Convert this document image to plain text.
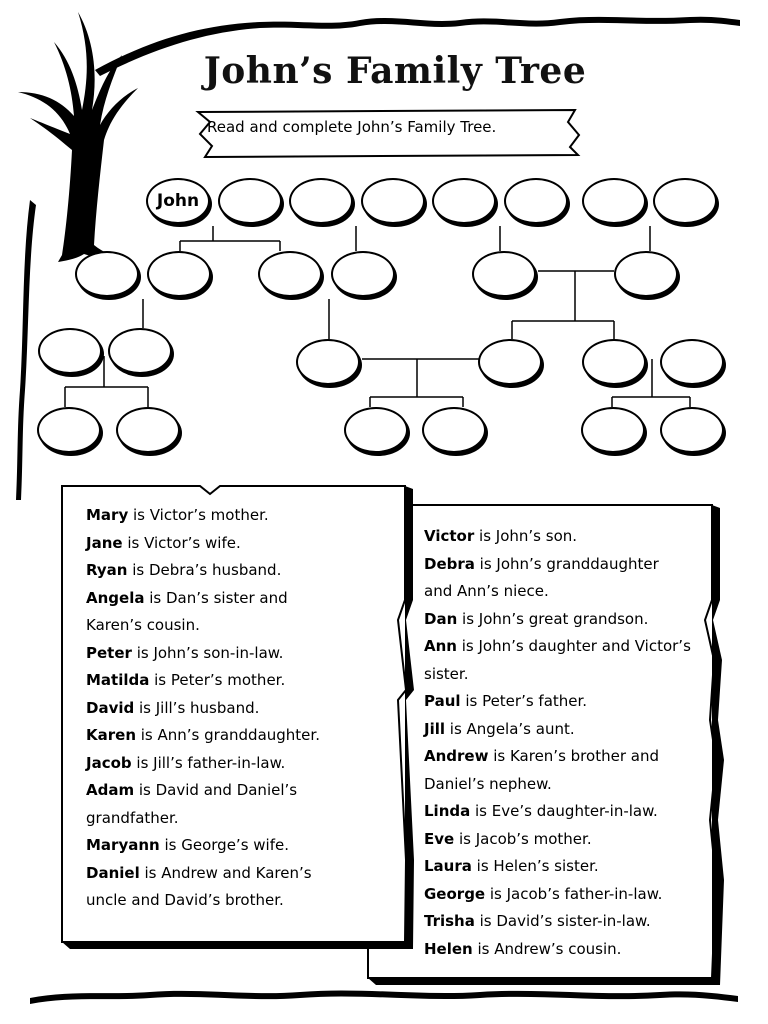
John’s Family Tree
Read and complete John’s Family Tree.
John
Mary is Victor’s mother.
Jane is Victor’s wife.
Ryan is Debra’s husband.
Angela is Dan’s sister and
Karen’s cousin.
Peter is John’s son-in-law.
Matilda is Peter’s mother.
David is Jill’s husband.
Karen is Ann’s granddaughter.
Jacob is Jill’s father-in-law.
Adam is David and Daniel’s
grandfather.
Maryann is George’s wife.
Daniel is Andrew and Karen’s
uncle and David’s brother.
Victor is John’s son.
Debra is John’s granddaughter
and Ann’s niece.
Dan is John’s great grandson.
Ann is John’s daughter and Victor’s
sister.
Paul is Peter’s father.
Jill is Angela’s aunt.
Andrew is Karen’s brother and
Daniel’s nephew.
Linda is Eve’s daughter-in-law.
Eve is Jacob’s mother.
Laura is Helen’s sister.
George is Jacob’s father-in-law.
Trisha is David’s sister-in-law.
Helen is Andrew’s cousin.
